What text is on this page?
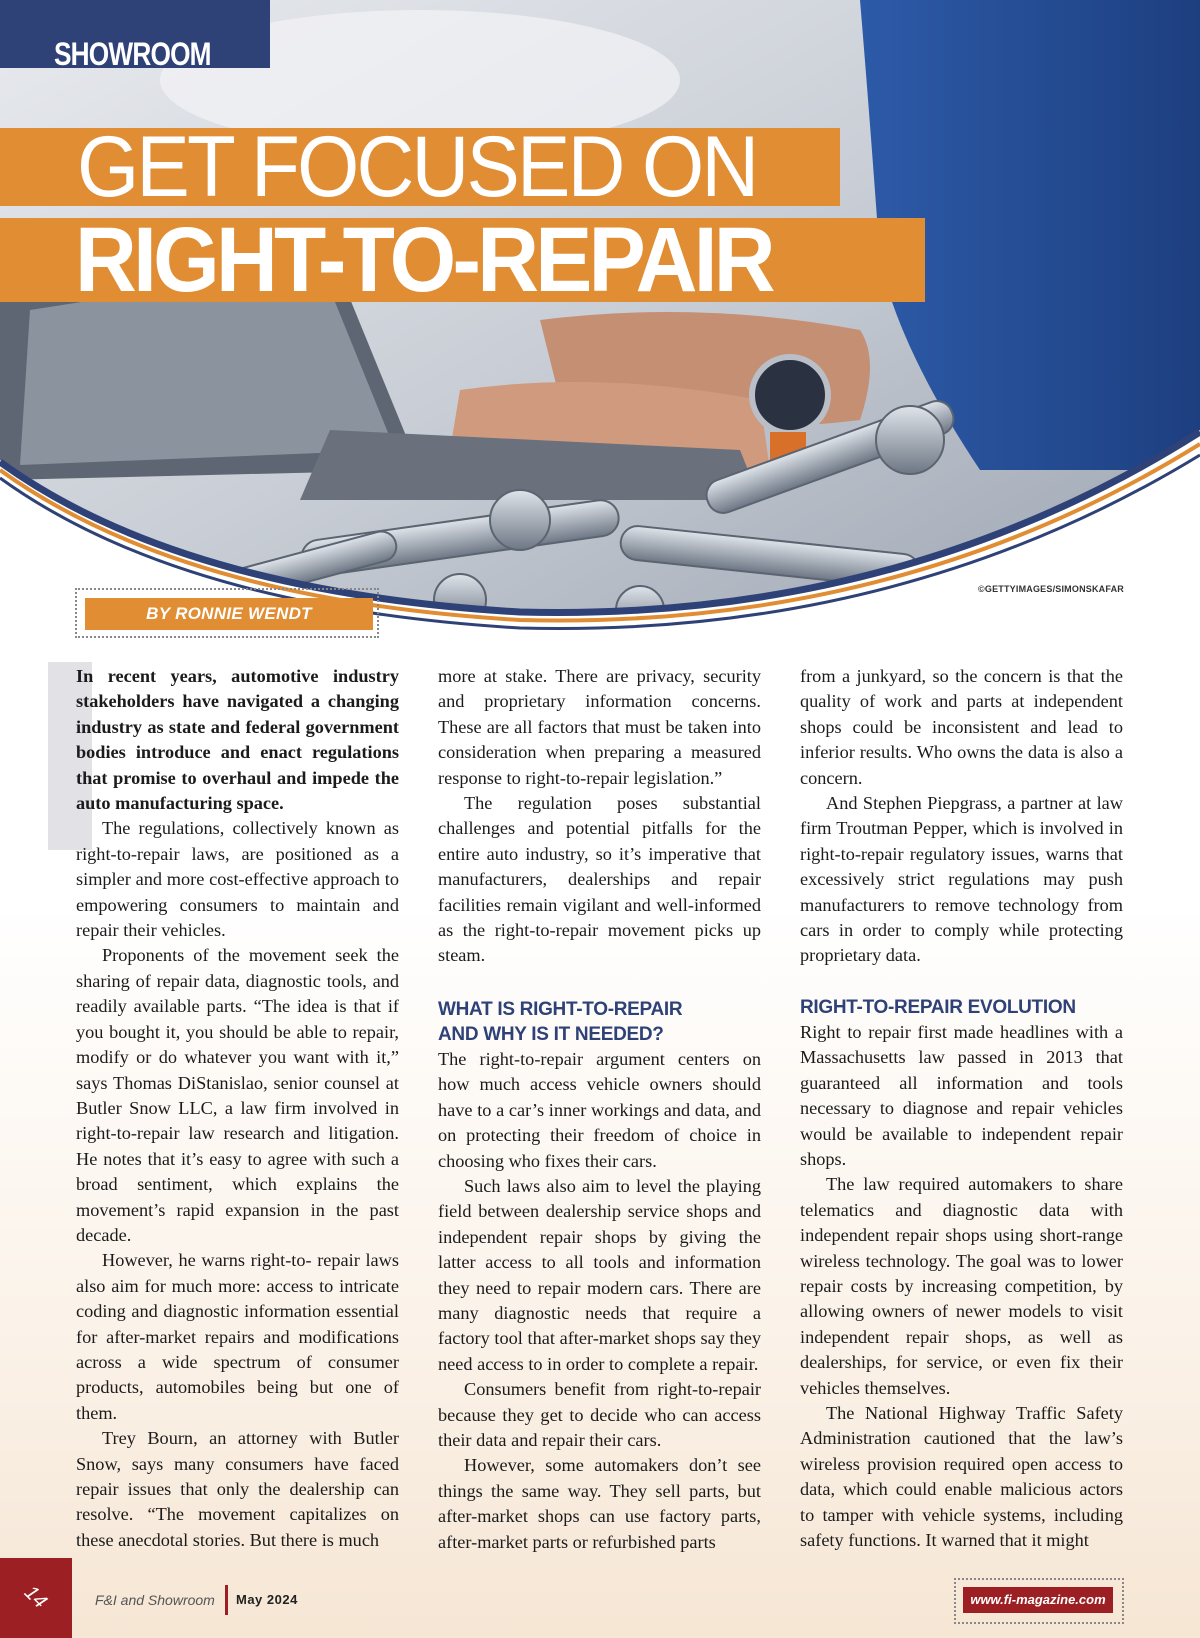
SHOWROOM
GET FOCUSED ON
RIGHT-TO-REPAIR
©GETTYIMAGES/SIMONSKAFAR
BY RONNIE WENDT

In recent years, automotive industry stakeholders have navigated a changing industry as state and federal government bodies introduce and enact regulations that promise to overhaul and impede the auto manufacturing space.

The regulations, collectively known as right-to-repair laws, are positioned as a simpler and more cost-effective approach to empowering consumers to maintain and repair their vehicles.

Proponents of the movement seek the sharing of repair data, diagnostic tools, and readily available parts. “The idea is that if you bought it, you should be able to repair, modify or do whatever you want with it,” says Thomas DiStanislao, senior counsel at Butler Snow LLC, a law firm involved in right-to-repair law research and litigation. He notes that it’s easy to agree with such a broad sentiment, which explains the movement’s rapid expansion in the past decade.

However, he warns right-to- repair laws also aim for much more: access to intricate coding and diagnostic information essential for after-market repairs and modifications across a wide spectrum of consumer products, automobiles being but one of them.

Trey Bourn, an attorney with Butler Snow, says many consumers have faced repair issues that only the dealership can resolve. “The movement capitalizes on these anecdotal stories. But there is much

more at stake. There are privacy, security and proprietary information concerns. These are all factors that must be taken into consideration when preparing a measured response to right-to-repair legislation.”

The regulation poses substantial challenges and potential pitfalls for the entire auto industry, so it’s imperative that manufacturers, dealerships and repair facilities remain vigilant and well-informed as the right-to-repair movement picks up steam.

WHAT IS RIGHT-TO-REPAIR
AND WHY IS IT NEEDED?

The right-to-repair argument centers on how much access vehicle owners should have to a car’s inner workings and data, and on protecting their freedom of choice in choosing who fixes their cars.

Such laws also aim to level the playing field between dealership service shops and independent repair shops by giving the latter access to all tools and information they need to repair modern cars. There are many diagnostic needs that require a factory tool that after-market shops say they need access to in order to complete a repair.

Consumers benefit from right-to-repair because they get to decide who can access their data and repair their cars.

However, some automakers don’t see things the same way. They sell parts, but after-market shops can use factory parts, after-market parts or refurbished parts

from a junkyard, so the concern is that the quality of work and parts at independent shops could be inconsistent and lead to inferior results. Who owns the data is also a concern.

And Stephen Piepgrass, a partner at law firm Troutman Pepper, which is involved in right-to-repair regulatory issues, warns that excessively strict regulations may push manufacturers to remove technology from cars in order to comply while protecting proprietary data.

RIGHT-TO-REPAIR EVOLUTION

Right to repair first made headlines with a Massachusetts law passed in 2013 that guaranteed all information and tools necessary to diagnose and repair vehicles would be available to independent repair shops.

The law required automakers to share telematics and diagnostic data with independent repair shops using short-range wireless technology. The goal was to lower repair costs by increasing competition, by allowing owners of newer models to visit independent repair shops, as well as dealerships, for service, or even fix their vehicles themselves.

The National Highway Traffic Safety Administration cautioned that the law’s wireless provision required open access to data, which could enable malicious actors to tamper with vehicle systems, including safety functions. It warned that it might

14	F&I and Showroom May 2024	www.fi-magazine.com
